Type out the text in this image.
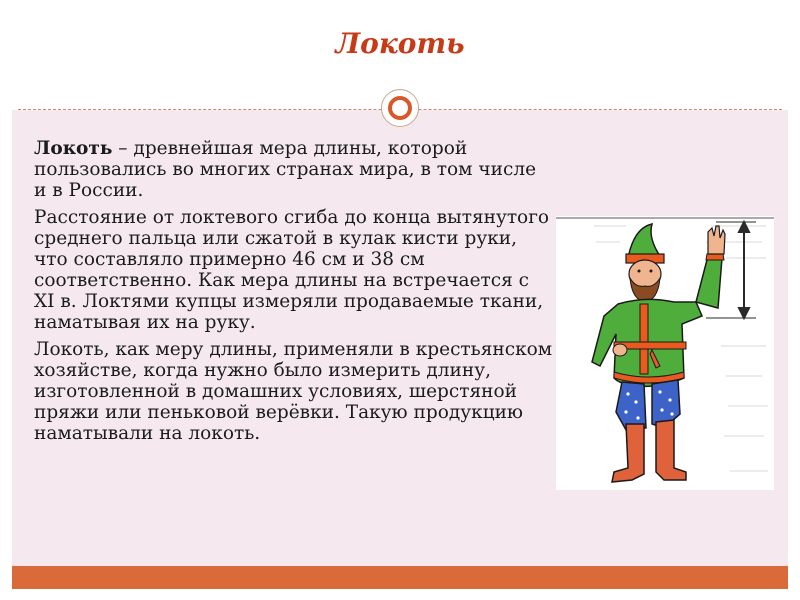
Локоть

Локоть – древнейшая мера длины, которой пользовались во многих странах мира, в том числе и в России.

Расстояние от локтевого сгиба до конца вытянутого среднего пальца или сжатой в кулак кисти руки, что составляло примерно 46 см и 38 см соответственно. Как мера длины на встречается с XI в. Локтями купцы измеряли продаваемые ткани, наматывая их на руку.

Локоть, как меру длины, применяли в крестьянском хозяйстве, когда нужно было измерить длину, изготовленной в домашних условиях, шерстяной пряжи или пеньковой верёвки. Такую продукцию наматывали на локоть.
